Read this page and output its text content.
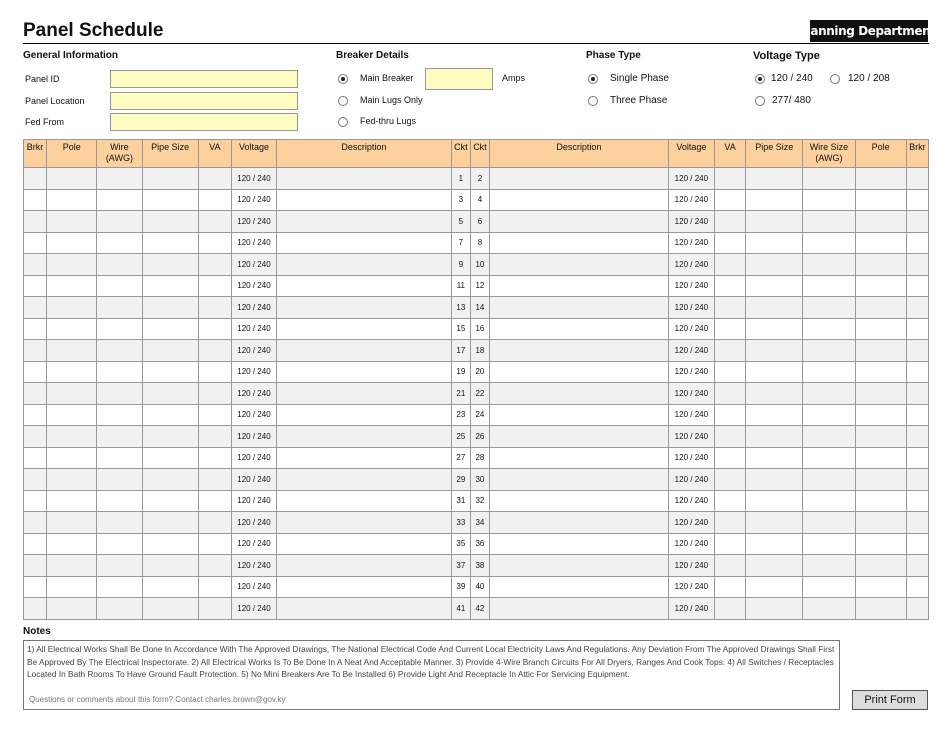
Panel Schedule	Planning Department.
General Information
Panel ID
Panel Location
Fed From
Breaker Details
Main Breaker	Amps
Main Lugs Only
Fed-thru Lugs
Phase Type
Single Phase
Three Phase
Voltage Type
120 / 240	120 / 208
277/ 480
Brkr	Pole	Wire (AWG)	Pipe Size	VA	Voltage	Description	Ckt	Ckt	Description	Voltage	VA	Pipe Size	Wire Size (AWG)	Pole	Brkr
					120 / 240		1	2		120 / 240					
					120 / 240		3	4		120 / 240					
					120 / 240		5	6		120 / 240					
					120 / 240		7	8		120 / 240					
					120 / 240		9	10		120 / 240					
					120 / 240		11	12		120 / 240					
					120 / 240		13	14		120 / 240					
					120 / 240		15	16		120 / 240					
					120 / 240		17	18		120 / 240					
					120 / 240		19	20		120 / 240					
					120 / 240		21	22		120 / 240					
					120 / 240		23	24		120 / 240					
					120 / 240		25	26		120 / 240					
					120 / 240		27	28		120 / 240					
					120 / 240		29	30		120 / 240					
					120 / 240		31	32		120 / 240					
					120 / 240		33	34		120 / 240					
					120 / 240		35	36		120 / 240					
					120 / 240		37	38		120 / 240					
					120 / 240		39	40		120 / 240					
					120 / 240		41	42		120 / 240					
Notes
1) All Electrical Works Shall Be Done In Accordance With The Approved Drawings, The National Electrical Code And Current Local Electricity Laws And Regulations. Any Deviation From The Approved Drawings Shall First Be Approved By The Electrical Inspectorate. 2) All Electrical Works Is To Be Done In A Neat And Acceptable Manner. 3) Provide 4-Wire Branch Circuits For All Dryers, Ranges And Cook Tops. 4) All Switches / Receptacles Located In Bath Rooms To Have Ground Fault Protection. 5) No Mini Breakers Are To Be Installed 6) Provide Light And Receptacle In Attic For Servicing Equipment.
Questions or comments about this form? Contact charles.brown@gov.ky	Print Form
